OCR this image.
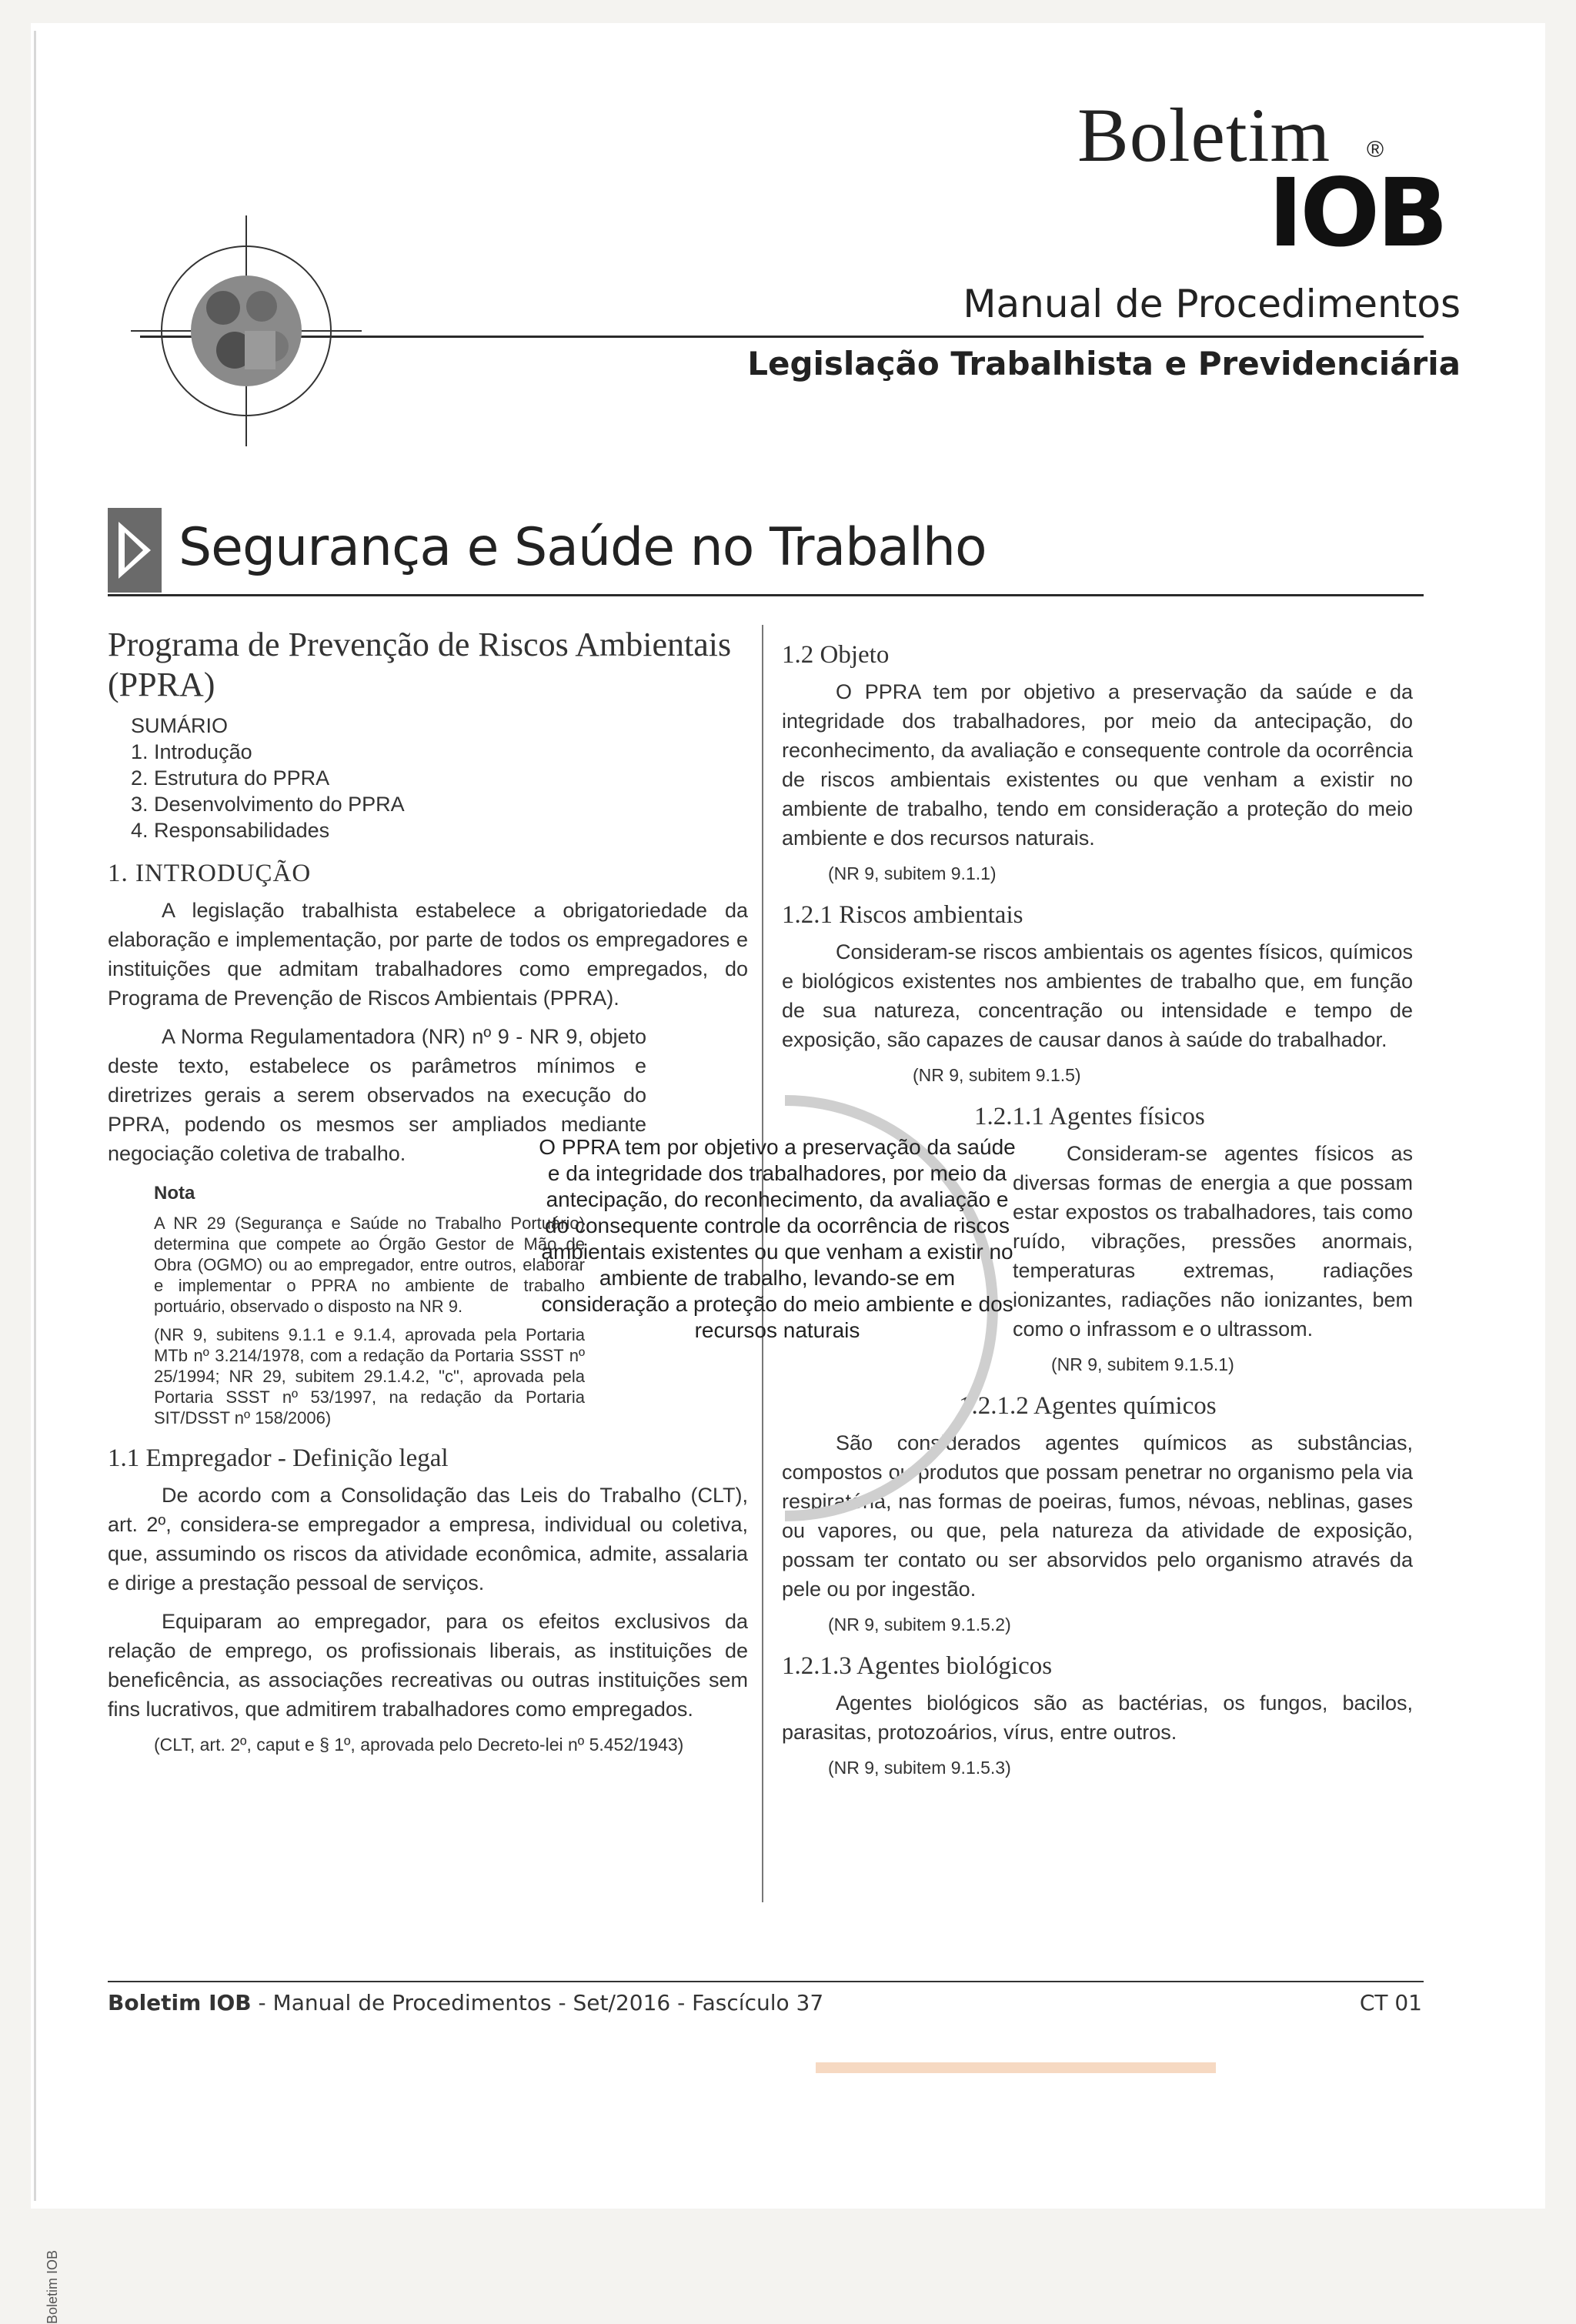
Boletim IOB
Boletim ®
IOB
Manual de Procedimentos
Legislação Trabalhista e Previdenciária
Segurança e Saúde no Trabalho
Programa de Prevenção de Riscos Ambientais (PPRA)
SUMÁRIO
1. Introdução
2. Estrutura do PPRA
3. Desenvolvimento do PPRA
4. Responsabilidades
1. INTRODUÇÃO

A legislação trabalhista estabelece a obrigatoriedade da elaboração e implementação, por parte de todos os empregadores e instituições que admitam trabalhadores como empregados, do Programa de Prevenção de Riscos Ambientais (PPRA).

A Norma Regulamentadora (NR) nº 9 - NR 9, objeto deste texto, estabelece os parâmetros mínimos e diretrizes gerais a serem observados na execução do PPRA, podendo os mesmos ser ampliados mediante negociação coletiva de trabalho.

Nota
A NR 29 (Segurança e Saúde no Trabalho Portuário) determina que compete ao Órgão Gestor de Mão de Obra (OGMO) ou ao empregador, entre outros, elaborar e implementar o PPRA no ambiente de trabalho portuário, observado o disposto na NR 9.
(NR 9, subitens 9.1.1 e 9.1.4, aprovada pela Portaria MTb nº 3.214/1978, com a redação da Portaria SSST nº 25/1994; NR 29, subitem 29.1.4.2, "c", aprovada pela Portaria SSST nº 53/1997, na redação da Portaria SIT/DSST nº 158/2006)
1.1 Empregador - Definição legal

De acordo com a Consolidação das Leis do Trabalho (CLT), art. 2º, considera-se empregador a empresa, individual ou coletiva, que, assumindo os riscos da atividade econômica, admite, assalaria e dirige a prestação pessoal de serviços.

Equiparam ao empregador, para os efeitos exclusivos da relação de emprego, os profissionais liberais, as instituições de beneficência, as associações recreativas ou outras instituições sem fins lucrativos, que admitirem trabalhadores como empregados.

(CLT, art. 2º, caput e § 1º, aprovada pelo Decreto-lei nº 5.452/1943)
1.2 Objeto

O PPRA tem por objetivo a preservação da saúde e da integridade dos trabalhadores, por meio da antecipação, do reconhecimento, da avaliação e consequente controle da ocorrência de riscos ambientais existentes ou que venham a existir no ambiente de trabalho, tendo em consideração a proteção do meio ambiente e dos recursos naturais.

(NR 9, subitem 9.1.1)
1.2.1 Riscos ambientais

Consideram-se riscos ambientais os agentes físicos, químicos e biológicos existentes nos ambientes de trabalho que, em função de sua natureza, concentração ou intensidade e tempo de exposição, são capazes de causar danos à saúde do trabalhador.

(NR 9, subitem 9.1.5)
1.2.1.1 Agentes físicos

Consideram-se agentes físicos as diversas formas de energia a que possam estar expostos os trabalhadores, tais como ruído, vibrações, pressões anormais, temperaturas extremas, radiações ionizantes, radiações não ionizantes, bem como o infrassom e o ultrassom.

(NR 9, subitem 9.1.5.1)
1.2.1.2 Agentes químicos

São considerados agentes químicos as substâncias, compostos ou produtos que possam penetrar no organismo pela via respiratória, nas formas de poeiras, fumos, névoas, neblinas, gases ou vapores, ou que, pela natureza da atividade de exposição, possam ter contato ou ser absorvidos pelo organismo através da pele ou por ingestão.

(NR 9, subitem 9.1.5.2)
1.2.1.3 Agentes biológicos

Agentes biológicos são as bactérias, os fungos, bacilos, parasitas, protozoários, vírus, entre outros.

(NR 9, subitem 9.1.5.3)
O PPRA tem por objetivo a preservação da saúde e da integridade dos trabalhadores, por meio da antecipação, do reconhecimento, da avaliação e do consequente controle da ocorrência de riscos ambientais existentes ou que venham a existir no ambiente de trabalho, levando-se em consideração a proteção do meio ambiente e dos recursos naturais
Boletim IOB - Manual de Procedimentos - Set/2016 - Fascículo 37	CT 01
